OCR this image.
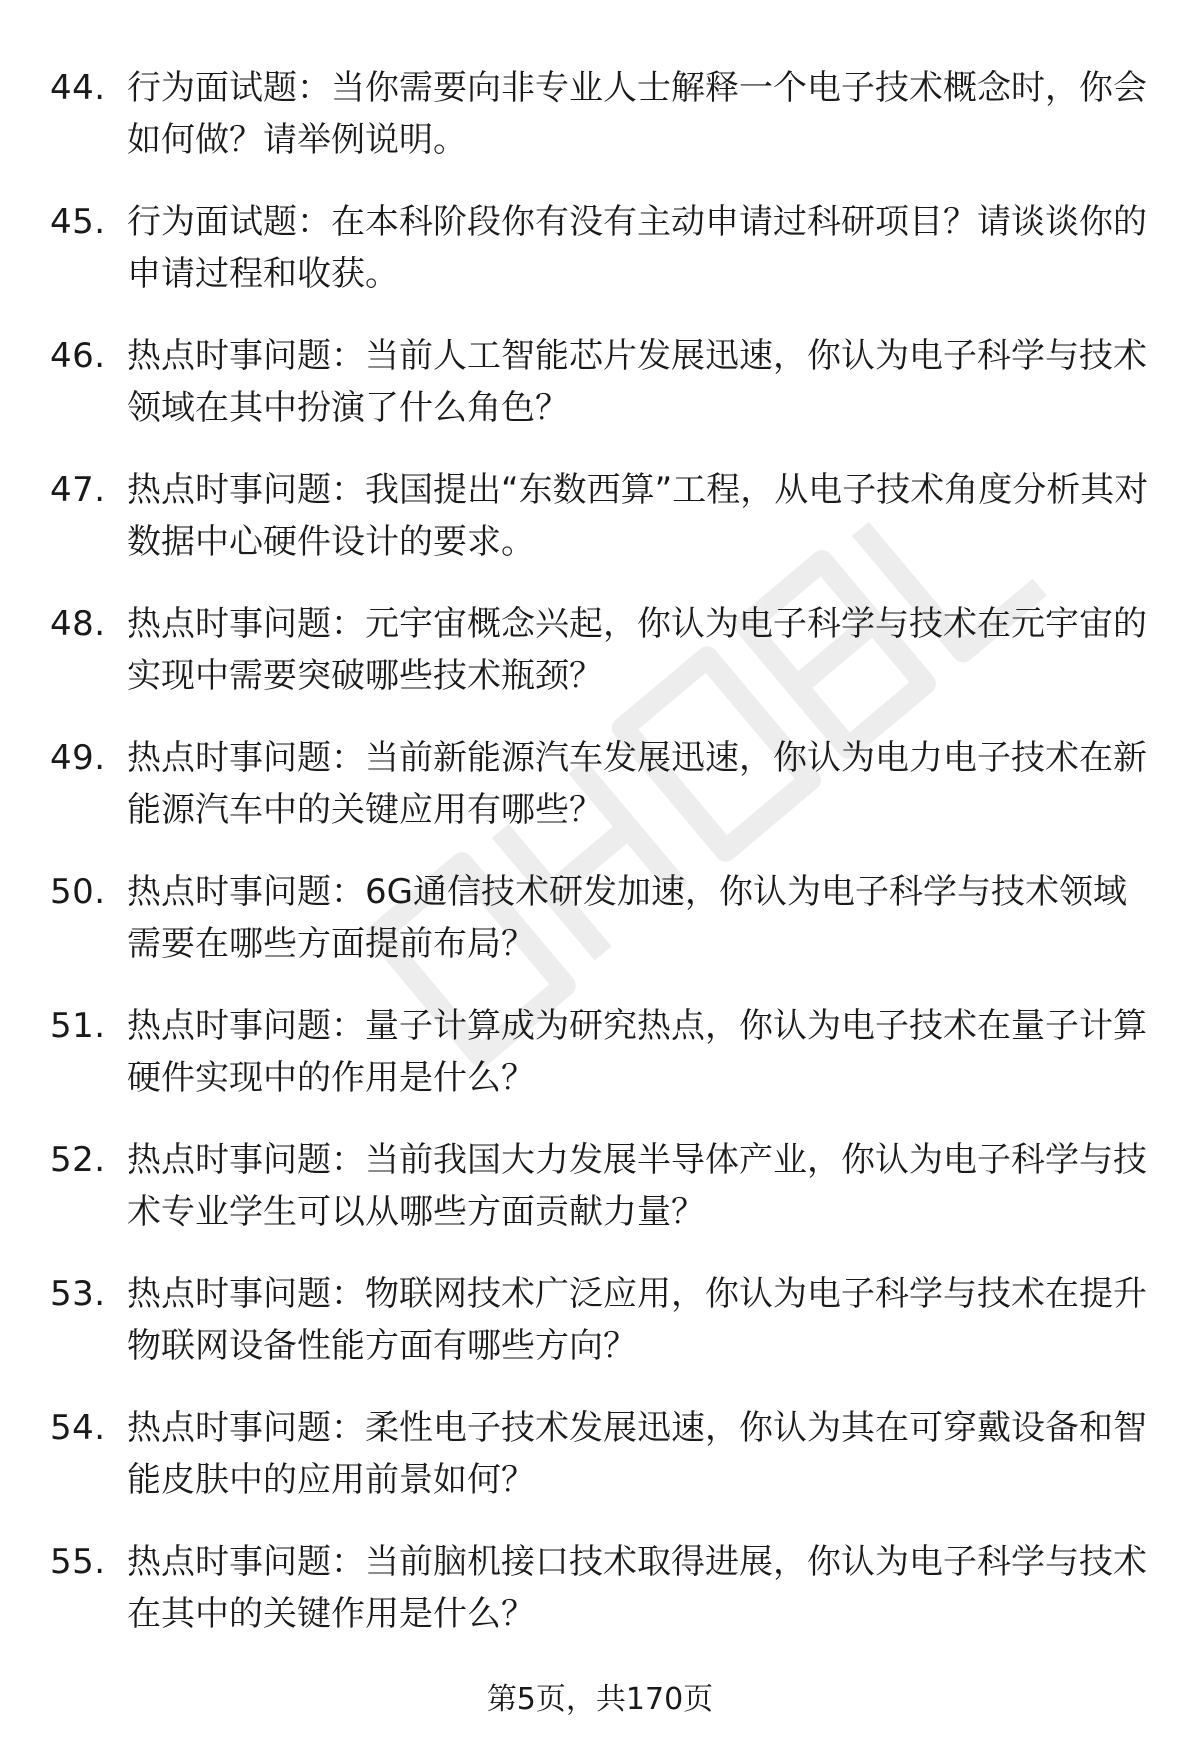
44. 行为面试题：当你需要向非专业人士解释一个电子技术概念时，你会如何做？请举例说明。
45. 行为面试题：在本科阶段你有没有主动申请过科研项目？请谈谈你的申请过程和收获。
46. 热点时事问题：当前人工智能芯片发展迅速，你认为电子科学与技术领域在其中扮演了什么角色？
47. 热点时事问题：我国提出“东数西算”工程，从电子技术角度分析其对数据中心硬件设计的要求。
48. 热点时事问题：元宇宙概念兴起，你认为电子科学与技术在元宇宙的实现中需要突破哪些技术瓶颈？
49. 热点时事问题：当前新能源汽车发展迅速，你认为电力电子技术在新能源汽车中的关键应用有哪些？
50. 热点时事问题：6G通信技术研发加速，你认为电子科学与技术领域需要在哪些方面提前布局？
51. 热点时事问题：量子计算成为研究热点，你认为电子技术在量子计算硬件实现中的作用是什么？
52. 热点时事问题：当前我国大力发展半导体产业，你认为电子科学与技术专业学生可以从哪些方面贡献力量？
53. 热点时事问题：物联网技术广泛应用，你认为电子科学与技术在提升物联网设备性能方面有哪些方向？
54. 热点时事问题：柔性电子技术发展迅速，你认为其在可穿戴设备和智能皮肤中的应用前景如何？
55. 热点时事问题：当前脑机接口技术取得进展，你认为电子科学与技术在其中的关键作用是什么？
第5页，共170页
